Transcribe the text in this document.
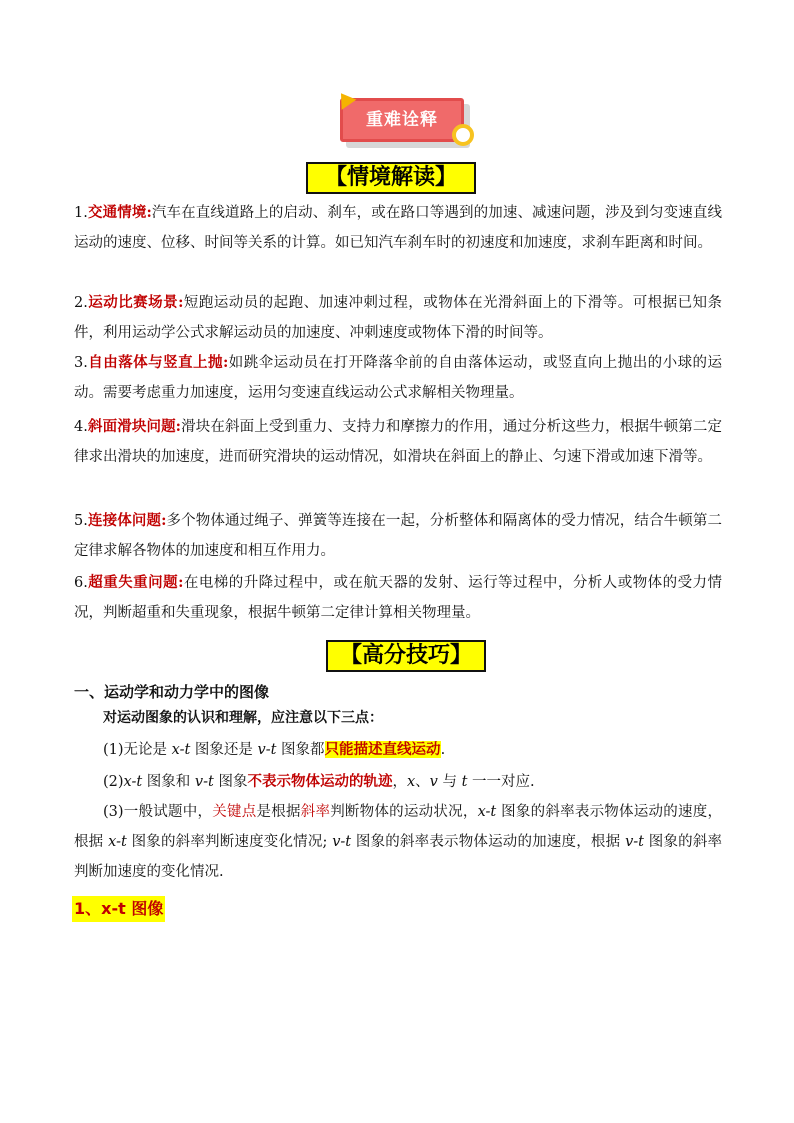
重难诠释
【情境解读】

1.交通情境:汽车在直线道路上的启动、刹车，或在路口等遇到的加速、减速问题，涉及到匀变速直线运动的速度、位移、时间等关系的计算。如已知汽车刹车时的初速度和加速度，求刹车距离和时间。

2.运动比赛场景:短跑运动员的起跑、加速冲刺过程，或物体在光滑斜面上的下滑等。可根据已知条件，利用运动学公式求解运动员的加速度、冲刺速度或物体下滑的时间等。

3.自由落体与竖直上抛:如跳伞运动员在打开降落伞前的自由落体运动，或竖直向上抛出的小球的运动。需要考虑重力加速度，运用匀变速直线运动公式求解相关物理量。

4.斜面滑块问题:滑块在斜面上受到重力、支持力和摩擦力的作用，通过分析这些力，根据牛顿第二定律求出滑块的加速度，进而研究滑块的运动情况，如滑块在斜面上的静止、匀速下滑或加速下滑等。

5.连接体问题:多个物体通过绳子、弹簧等连接在一起，分析整体和隔离体的受力情况，结合牛顿第二定律求解各物体的加速度和相互作用力。

6.超重失重问题:在电梯的升降过程中，或在航天器的发射、运行等过程中，分析人或物体的受力情况，判断超重和失重现象，根据牛顿第二定律计算相关物理量。

【高分技巧】
一、运动学和动力学中的图像

对运动图象的认识和理解，应注意以下三点：

(1)无论是 x-t 图象还是 v-t 图象都只能描述直线运动.

(2)x-t 图象和 v-t 图象不表示物体运动的轨迹，x、v 与 t 一一对应.

(3)一般试题中，关键点是根据斜率判断物体的运动状况，x-t 图象的斜率表示物体运动的速度，根据 x-t 图象的斜率判断速度变化情况; v-t 图象的斜率表示物体运动的加速度，根据 v-t 图象的斜率判断加速度的变化情况.

1、x-t 图像
